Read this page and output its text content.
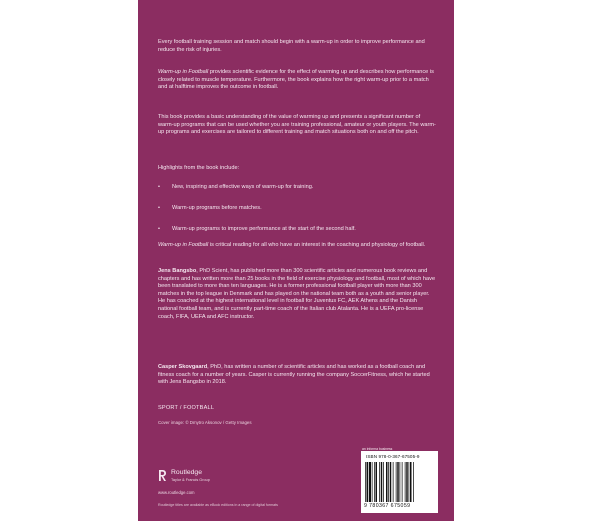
Every football training session and match should begin with a warm-up in order to improve performance and reduce the risk of injuries.
Warm-up in Football provides scientific evidence for the effect of warming up and describes how performance is closely related to muscle temperature. Furthermore, the book explains how the right warm-up prior to a match and at halftime improves the outcome in football.
This book provides a basic understanding of the value of warming up and presents a significant number of warm-up programs that can be used whether you are training professional, amateur or youth players. The warm-up programs and exercises are tailored to different training and match situations both on and off the pitch.
Highlights from the book include:
• New, inspiring and effective ways of warm-up for training.
• Warm-up programs before matches.
• Warm-up programs to improve performance at the start of the second half.
Warm-up in Football is critical reading for all who have an interest in the coaching and physiology of football.
Jens Bangsbo, PhD Scient, has published more than 300 scientific articles and numerous book reviews and chapters and has written more than 25 books in the field of exercise physiology and football, most of which have been translated to more than ten languages. He is a former professional football player with more than 300 matches in the top league in Denmark and has played on the national team both as a youth and senior player. He has coached at the highest international level in football for Juventus FC, AEK Athens and the Danish national football team, and is currently part-time coach of the Italian club Atalanta. He is a UEFA pro-license coach, FIFA, UEFA and AFC instructor.
Casper Skovgaard, PhD, has written a number of scientific articles and has worked as a football coach and fitness coach for a number of years. Casper is currently running the company SoccerFitness, which he started with Jens Bangsbo in 2018.
SPORT / FOOTBALL
Cover image: © Dmytro Aksonov / Getty Images
Routledge
Taylor & Francis Group
www.routledge.com
Routledge titles are available as eBook editions in a range of digital formats
an informa business
ISBN 978-0-367-67505-9
9 780367 675059
